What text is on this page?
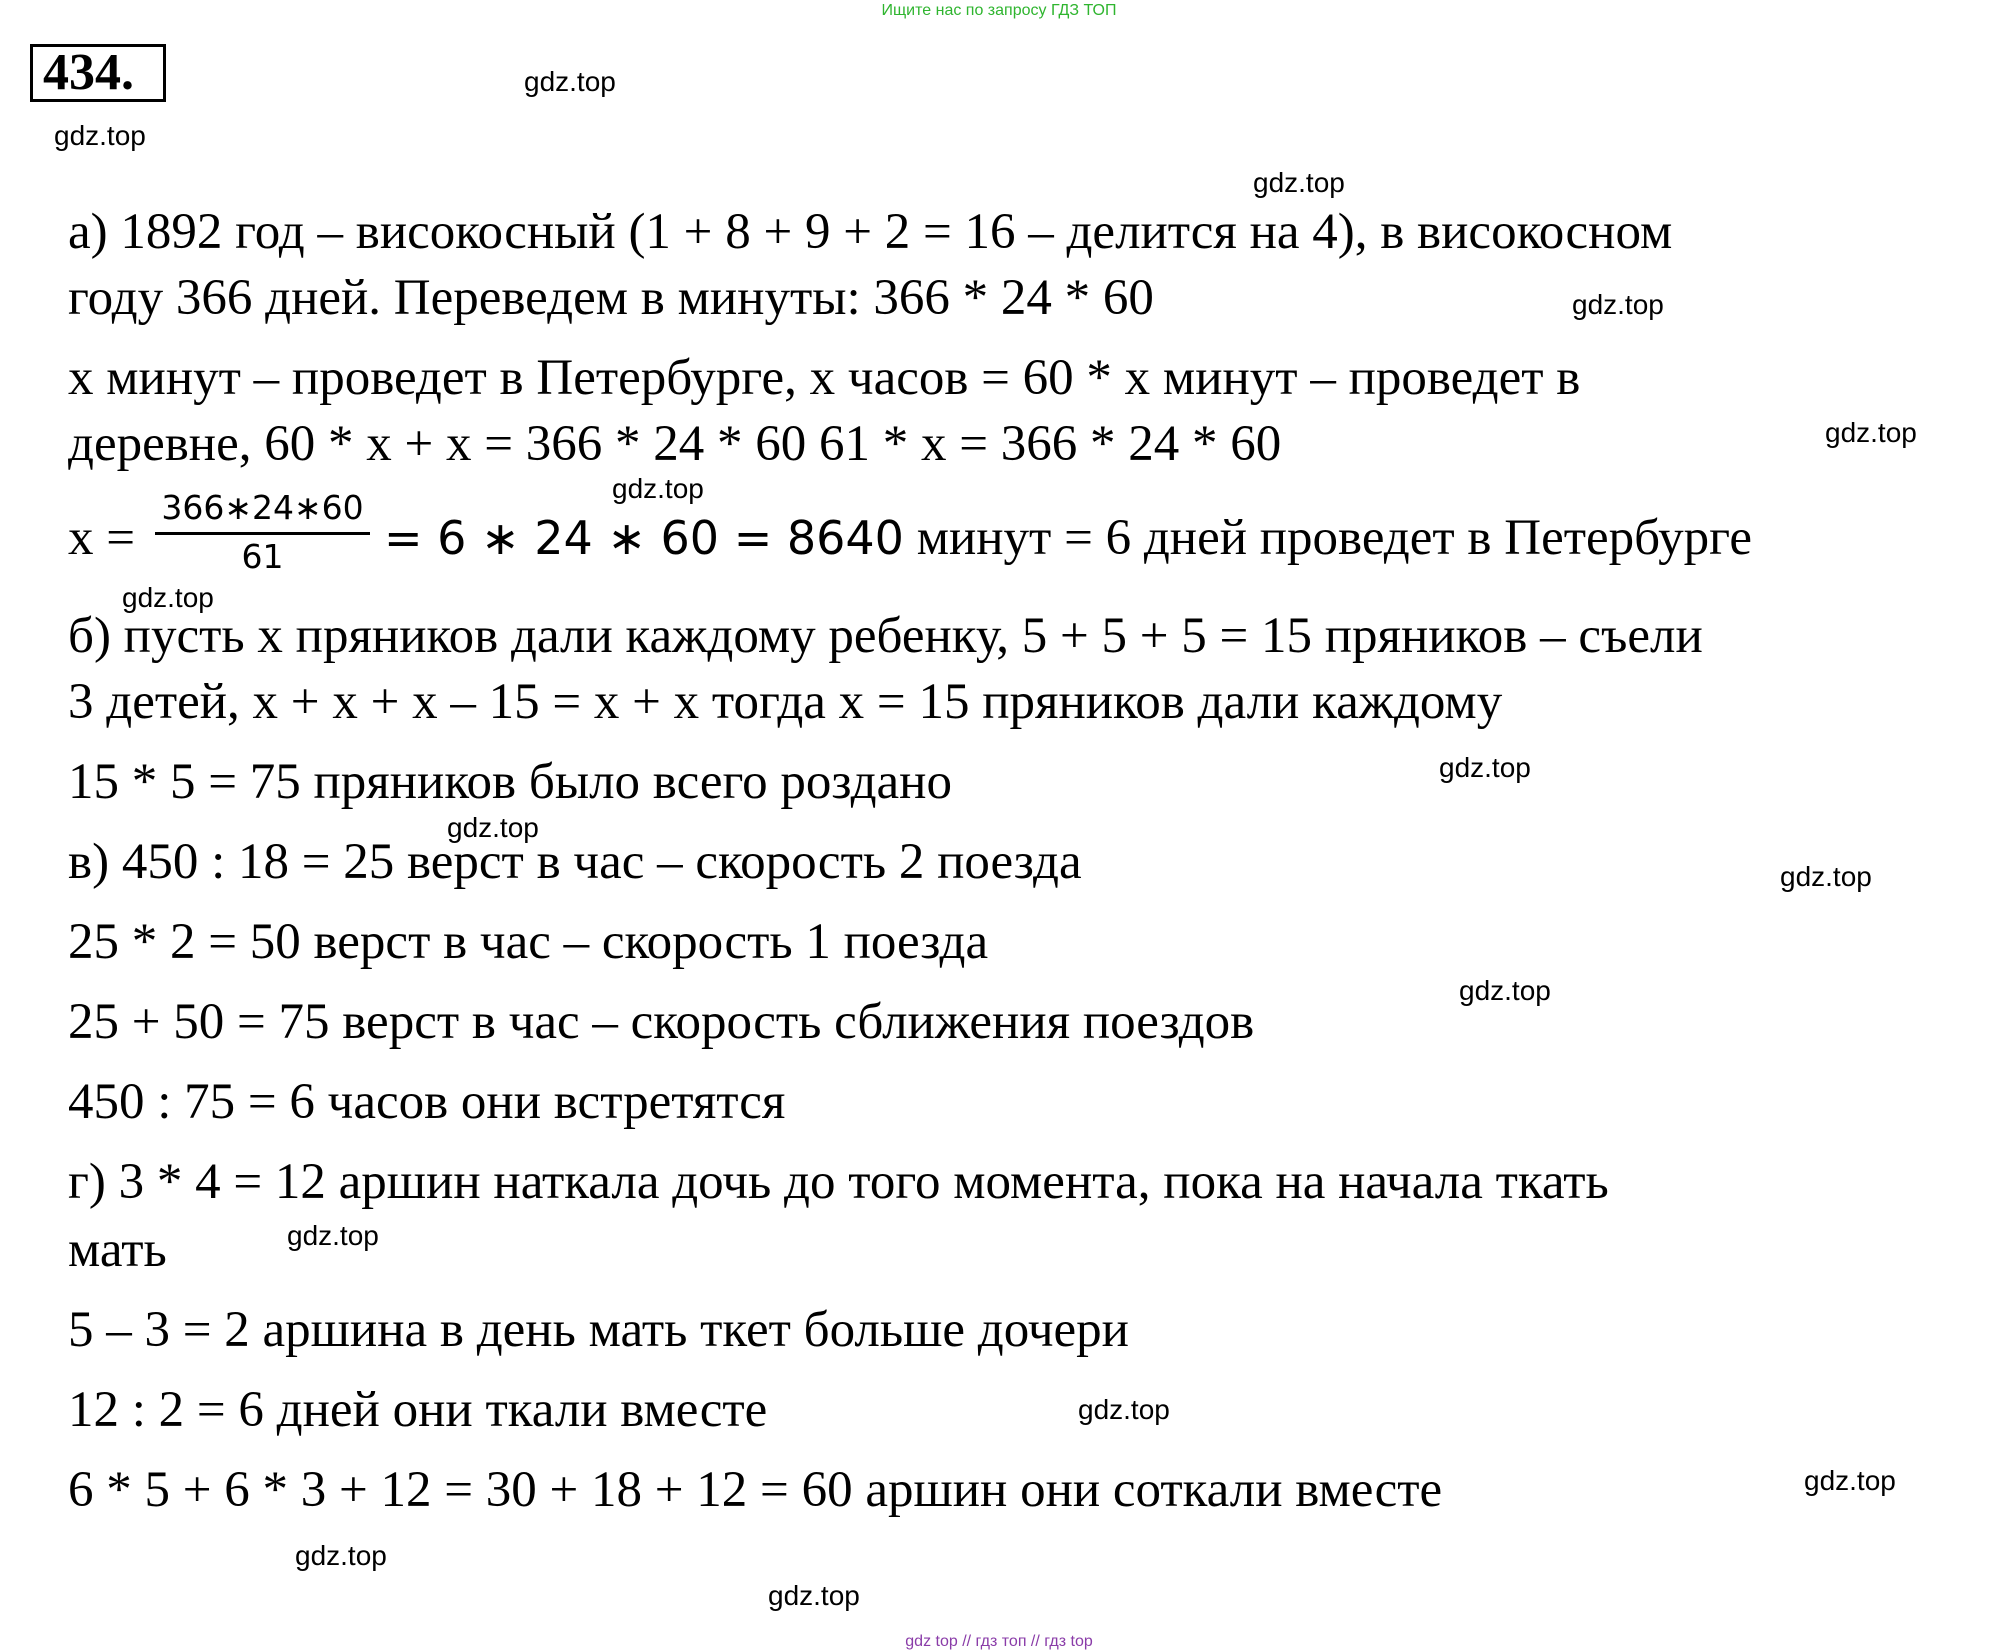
Ищите нас по запросу ГДЗ ТОП
434.	gdz.top
gdz.top
gdz.top
gdz.top
gdz.top
gdz.top
gdz.top
gdz.top
gdz.top
gdz.top
gdz.top
gdz.top
gdz.top
gdz.top
gdz.top
gdz.top
а) 1892 год – високосный (1 + 8 + 9 + 2 = 16 – делится на 4), в високосном
году 366 дней. Переведем в минуты: 366 * 24 * 60
х минут – проведет в Петербурге, х часов = 60 * х минут – проведет в
деревне, 60 * х + х = 366 * 24 * 60 61 * х = 366 * 24 * 60
х =
366∗24∗60
61	= 6 ∗ 24 ∗ 60 = 8640 минут = 6 дней проведет в Петербурге
б) пусть х пряников дали каждому ребенку, 5 + 5 + 5 = 15 пряников – съели
3 детей, х + х + х – 15 = х + х тогда х = 15 пряников дали каждому
15 * 5 = 75 пряников было всего роздано
в) 450 : 18 = 25 верст в час – скорость 2 поезда
25 * 2 = 50 верст в час – скорость 1 поезда
25 + 50 = 75 верст в час – скорость сближения поездов
450 : 75 = 6 часов они встретятся
г) 3 * 4 = 12 аршин наткала дочь до того момента, пока на начала ткать
мать
5 – 3 = 2 аршина в день мать ткет больше дочери
12 : 2 = 6 дней они ткали вместе
6 * 5 + 6 * 3 + 12 = 30 + 18 + 12 = 60 аршин они соткали вместе
gdz top // гдз топ // гдз top
